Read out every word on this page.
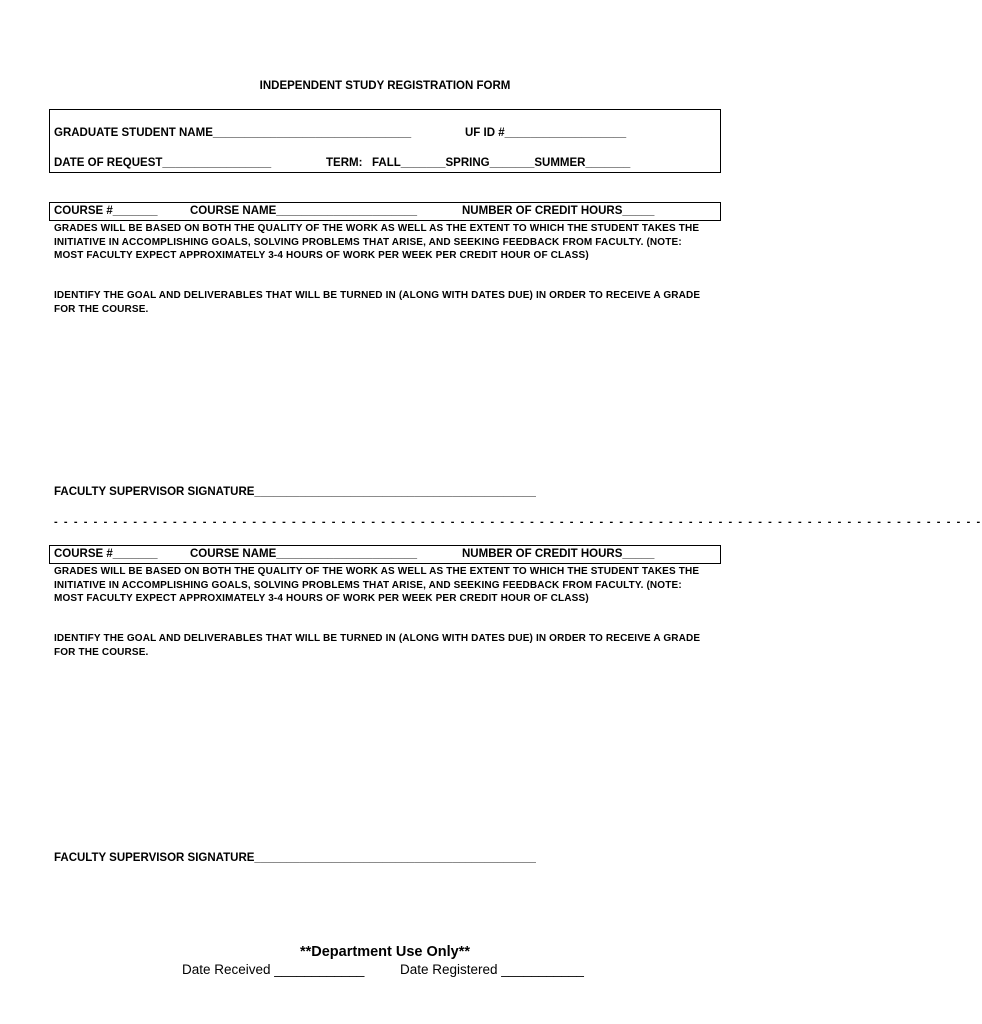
INDEPENDENT STUDY REGISTRATION FORM
GRADUATE STUDENT NAME_______________________________	UF ID #___________________
DATE OF REQUEST_________________	TERM:   FALL_______SPRING_______SUMMER_______
COURSE #_______	COURSE NAME______________________	NUMBER OF CREDIT HOURS_____
GRADES WILL BE BASED ON BOTH THE QUALITY OF THE WORK AS WELL AS THE EXTENT TO WHICH THE STUDENT TAKES THE INITIATIVE IN ACCOMPLISHING GOALS, SOLVING PROBLEMS THAT ARISE, AND SEEKING FEEDBACK FROM FACULTY. (NOTE: MOST FACULTY EXPECT APPROXIMATELY 3-4 HOURS OF WORK PER WEEK PER CREDIT HOUR OF CLASS)
IDENTIFY THE GOAL AND DELIVERABLES THAT WILL BE TURNED IN (ALONG WITH DATES DUE) IN ORDER TO RECEIVE A GRADE FOR THE COURSE.
FACULTY SUPERVISOR SIGNATURE____________________________________________
- - - - - - - - - - - - - - - - - - - - - - - - - - - - - - - - - - - - - - - - - - - - - - - - - - - - - - - - - - - - - - - - - - - - - - - - - - - - - - - - - - - - - - - - - - - - - -
COURSE #_______	COURSE NAME______________________	NUMBER OF CREDIT HOURS_____
GRADES WILL BE BASED ON BOTH THE QUALITY OF THE WORK AS WELL AS THE EXTENT TO WHICH THE STUDENT TAKES THE INITIATIVE IN ACCOMPLISHING GOALS, SOLVING PROBLEMS THAT ARISE, AND SEEKING FEEDBACK FROM FACULTY. (NOTE: MOST FACULTY EXPECT APPROXIMATELY 3-4 HOURS OF WORK PER WEEK PER CREDIT HOUR OF CLASS)
IDENTIFY THE GOAL AND DELIVERABLES THAT WILL BE TURNED IN (ALONG WITH DATES DUE) IN ORDER TO RECEIVE A GRADE FOR THE COURSE.
FACULTY SUPERVISOR SIGNATURE____________________________________________
**Department Use Only**
Date Received ____________	Date Registered ___________
